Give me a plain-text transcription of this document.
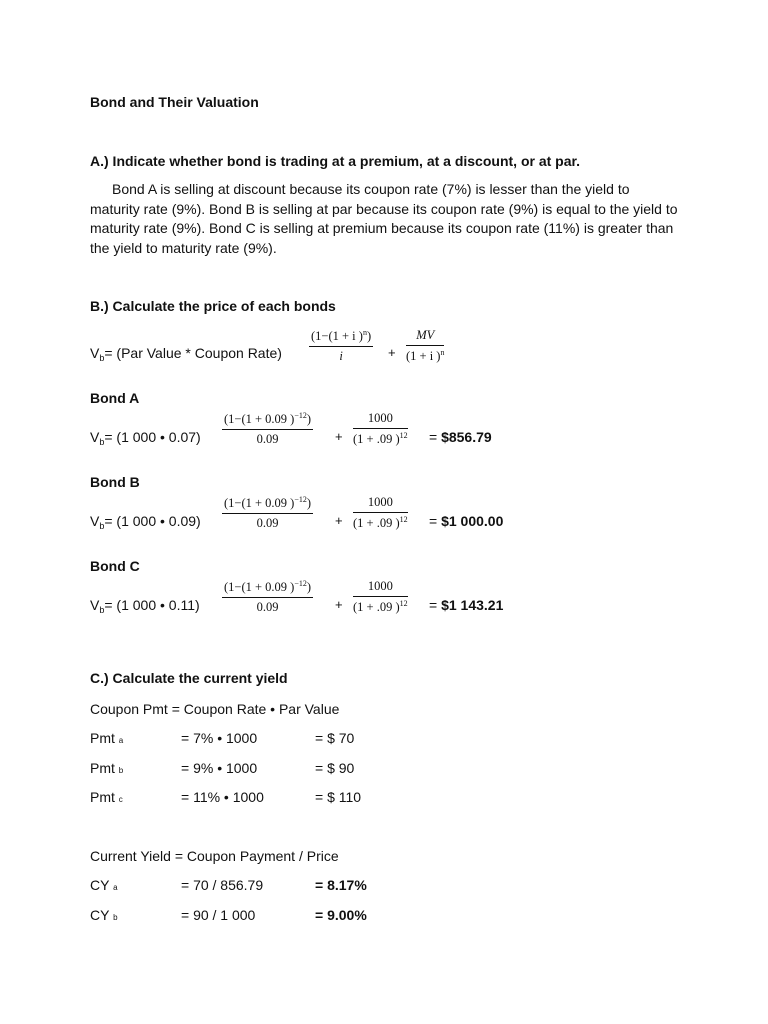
Bond and Their Valuation
A.) Indicate whether bond is trading at a premium, at a discount, or at par.
Bond A is selling at discount because its coupon rate (7%) is lesser than the yield to maturity rate (9%). Bond B is selling at par because its coupon rate (9%) is equal to the yield to maturity rate (9%). Bond C is selling at premium because its coupon rate (11%) is greater than the yield to maturity rate (9%).
B.) Calculate the price of each bonds
$V_b= (Par$ Value * Coupon Rate) $\frac{(1-(1 + i )^n)}{i} + \frac{MV}{(1 + i )^n}$
Bond A
$V_b= (1$ 000 • $0.07) \frac{(1-(1 + 0.09 )^{-12})}{0.09} + \frac{1000}{(1 + .09 )^{12}}$ = $856.79
Bond B
$V_b= (1$ 000 • $0.09) \frac{(1-(1 + 0.09 )^{-12})}{0.09} + \frac{1000}{(1 + .09 )^{12}}$ = $1 000.00
Bond C
$V_b= (1$ 000 • $0.11) \frac{(1-(1 + 0.09 )^{-12})}{0.09} + \frac{1000}{(1 + .09 )^{12}}$ = $1 143.21
C.) Calculate the current yield
Coupon Pmt = Coupon Rate • Par Value
Pmt a	= 7% • 1000	= $ 70
Pmt b	= 9% • 1000	= $ 90
Pmt c	= 11% • 1000	= $ 110
Current Yield = Coupon Payment / Price
CY a	= 70 / 856.79	= 8.17%
CY b	= 90 / 1 000	= 9.00%
